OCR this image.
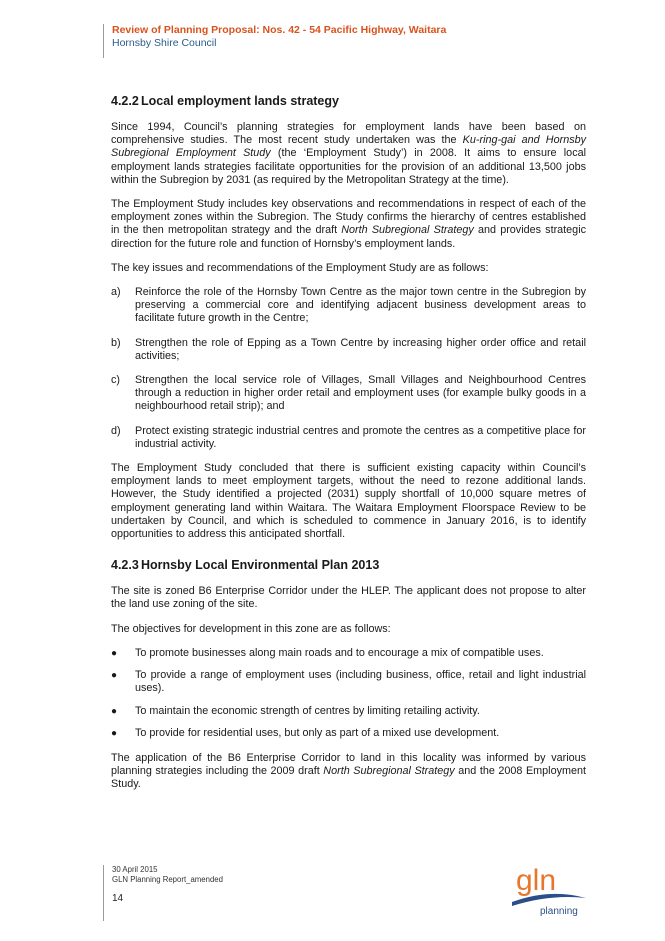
Review of Planning Proposal: Nos. 42 - 54 Pacific Highway, Waitara
Hornsby Shire Council
4.2.2 Local employment lands strategy

Since 1994, Council’s planning strategies for employment lands have been based on comprehensive studies. The most recent study undertaken was the Ku-ring-gai and Hornsby Subregional Employment Study (the ‘Employment Study’) in 2008. It aims to ensure local employment lands strategies facilitate opportunities for the provision of an additional 13,500 jobs within the Subregion by 2031 (as required by the Metropolitan Strategy at the time).

The Employment Study includes key observations and recommendations in respect of each of the employment zones within the Subregion. The Study confirms the hierarchy of centres established in the then metropolitan strategy and the draft North Subregional Strategy and provides strategic direction for the future role and function of Hornsby’s employment lands.

The key issues and recommendations of the Employment Study are as follows:

a)	Reinforce the role of the Hornsby Town Centre as the major town centre in the Subregion by preserving a commercial core and identifying adjacent business development areas to facilitate future growth in the Centre;
b)	Strengthen the role of Epping as a Town Centre by increasing higher order office and retail activities;
c)	Strengthen the local service role of Villages, Small Villages and Neighbourhood Centres through a reduction in higher order retail and employment uses (for example bulky goods in a neighbourhood retail strip); and
d)	Protect existing strategic industrial centres and promote the centres as a competitive place for industrial activity.

The Employment Study concluded that there is sufficient existing capacity within Council’s employment lands to meet employment targets, without the need to rezone additional lands. However, the Study identified a projected (2031) supply shortfall of 10,000 square metres of employment generating land within Waitara. The Waitara Employment Floorspace Review to be undertaken by Council, and which is scheduled to commence in January 2016, is to identify opportunities to address this anticipated shortfall.

4.2.3 Hornsby Local Environmental Plan 2013

The site is zoned B6 Enterprise Corridor under the HLEP. The applicant does not propose to alter the land use zoning of the site.

The objectives for development in this zone are as follows:

●	To promote businesses along main roads and to encourage a mix of compatible uses.
●	To provide a range of employment uses (including business, office, retail and light industrial uses).
●	To maintain the economic strength of centres by limiting retailing activity.
●	To provide for residential uses, but only as part of a mixed use development.

The application of the B6 Enterprise Corridor to land in this locality was informed by various planning strategies including the 2009 draft North Subregional Strategy and the 2008 Employment Study.

30 April 2015
GLN Planning Report_amended
14
gln
planning
